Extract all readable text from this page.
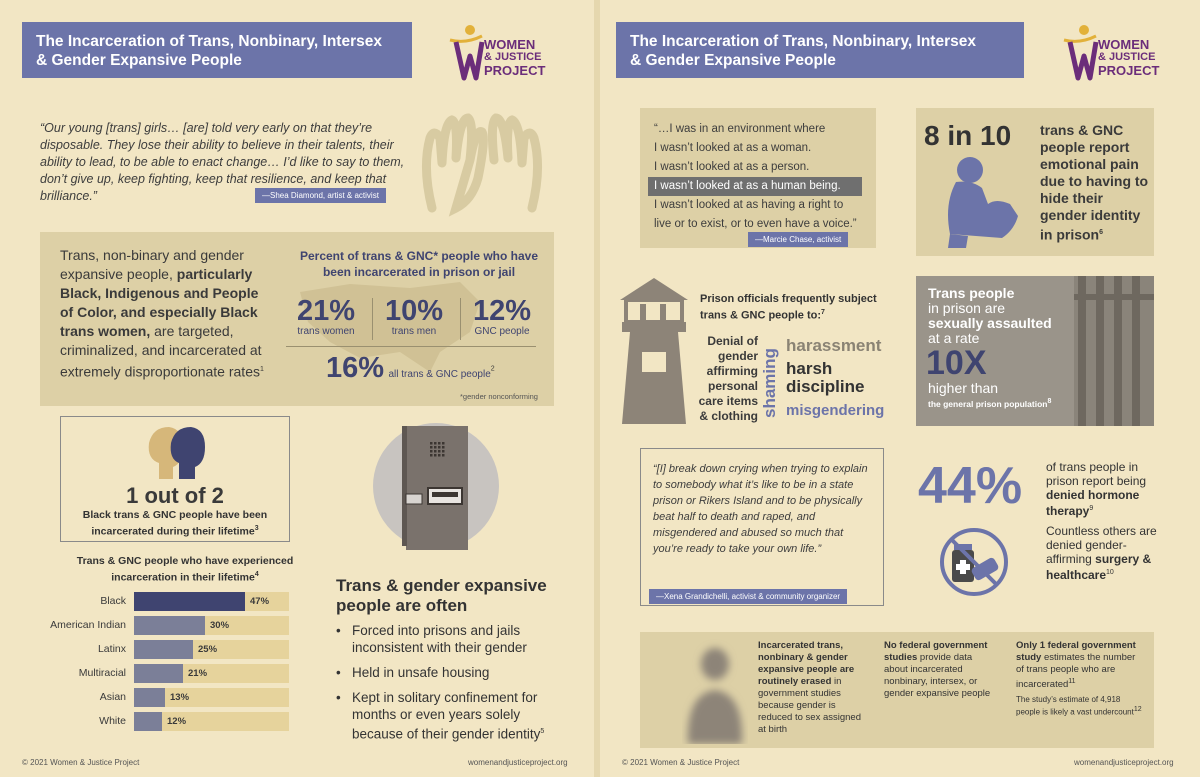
The Incarceration of Trans, Nonbinary, Intersex
& Gender Expansive People
WOMEN
& JUSTICE
PROJECT
“Our young [trans] girls… [are] told very early on that they’re disposable. They lose their ability to believe in their talents, their ability to lead, to be able to enact change… I’d like to say to them, don’t give up, keep fighting, keep that resilience, and keep that brilliance.”	—Shea Diamond, artist & activist
Trans, non-binary and gender expansive people, particularly Black, Indigenous and People of Color, and especially Black trans women, are targeted, criminalized, and incarcerated at extremely disproportionate rates$^1$
Percent of trans & GNC* people who have been incarcerated in prison or jail
21%
trans women
10%
trans men
12%
GNC people
16% all trans & GNC people$^2$
*gender nonconforming
1 out of 2
Black trans & GNC people have been incarcerated during their lifetime$^3$
Trans & GNC people who have experienced incarceration in their lifetime$^4$
Black	47%
American Indian	30%
Latinx	25%
Multiracial	21%
Asian	13%
White	12%
Trans & gender expansive people are often
• Forced into prisons and jails inconsistent with their gender
• Held in unsafe housing
• Kept in solitary confinement for months or even years solely because of their gender identity$^5$
© 2021 Women & Justice Project	womenandjusticeproject.org
The Incarceration of Trans, Nonbinary, Intersex
& Gender Expansive People
WOMEN
& JUSTICE
PROJECT
“…I was in an environment where
I wasn’t looked at as a woman.
I wasn’t looked at as a person.
I wasn’t looked at as a human being.
I wasn’t looked at as having a right to
live or to exist, or to even have a voice.”
—Marcie Chase, activist
8 in 10 trans & GNC people report emotional pain due to having to hide their gender identity in prison$^6$
Prison officials frequently subject trans & GNC people to:$^7$
Denial of gender affirming personal care items & clothing shaming
harassment
harsh discipline
misgendering
Trans people
in prison are
sexually assaulted
at a rate
10X
higher than
the general prison population$^8$
“[I] break down crying when trying to explain to somebody what it’s like to be in a state prison or Rikers Island and to be physically beat half to death and raped, and misgendered and abused so much that you’re ready to take your own life.”
—Xena Grandichelli, activist & community organizer
44% of trans people in prison report being denied hormone therapy$^9$
Countless others are denied gender-affirming surgery & healthcare$^{10}$
Incarcerated trans, nonbinary & gender expansive people are routinely erased in government studies because gender is reduced to sex assigned at birth
No federal government studies provide data about incarcerated nonbinary, intersex, or gender expansive people
Only 1 federal government study estimates the number of trans people who are incarcerated$^{11}$
The study’s estimate of 4,918 people is likely a vast undercount$^{12}$
© 2021 Women & Justice Project	womenandjusticeproject.org
